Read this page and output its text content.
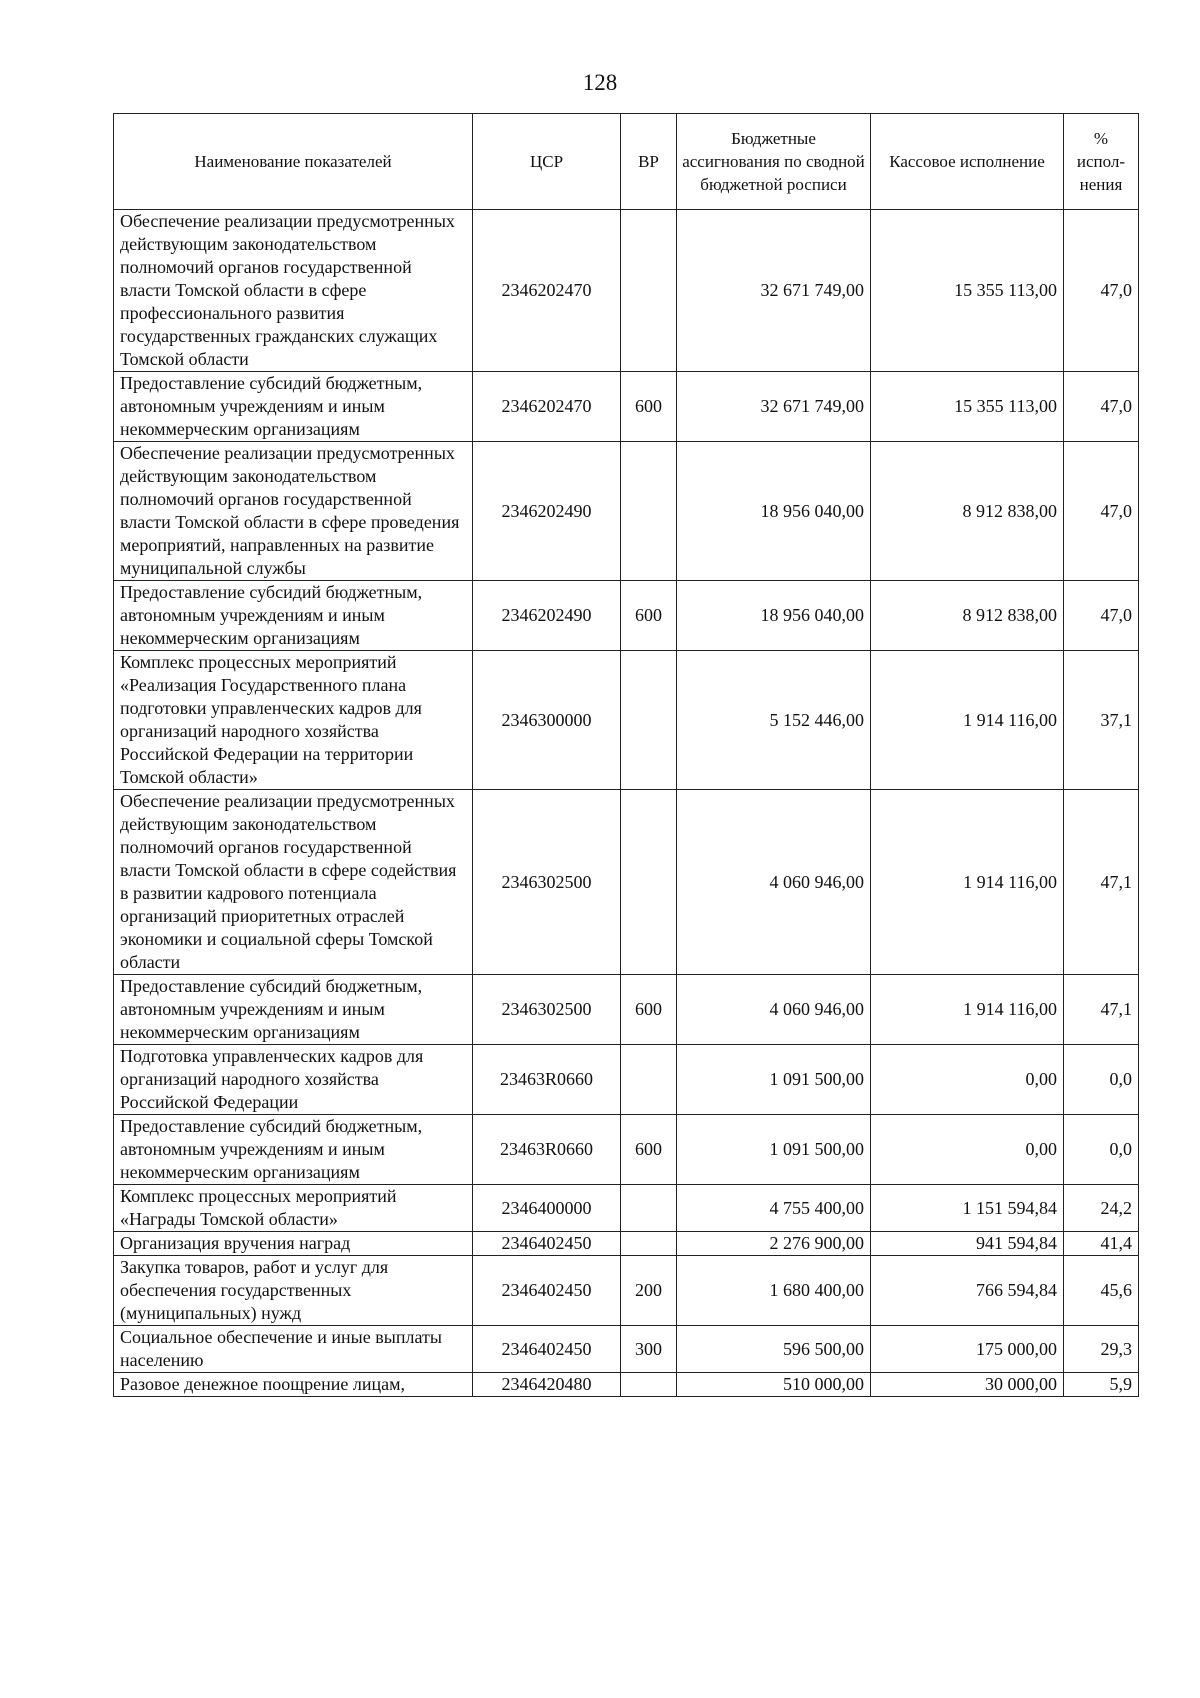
128
Наименование показателей	ЦСР	ВР	Бюджетные ассигнования по сводной бюджетной росписи	Кассовое исполнение	% испол-нения
Обеспечение реализации предусмотренных действующим законодательством полномочий органов государственной власти Томской области в сфере профессионального развития государственных гражданских служащих Томской области	2346202470		32 671 749,00	15 355 113,00	47,0
Предоставление субсидий бюджетным, автономным учреждениям и иным некоммерческим организациям	2346202470	600	32 671 749,00	15 355 113,00	47,0
Обеспечение реализации предусмотренных действующим законодательством полномочий органов государственной власти Томской области в сфере проведения мероприятий, направленных на развитие муниципальной службы	2346202490		18 956 040,00	8 912 838,00	47,0
Предоставление субсидий бюджетным, автономным учреждениям и иным некоммерческим организациям	2346202490	600	18 956 040,00	8 912 838,00	47,0
Комплекс процессных мероприятий «Реализация Государственного плана подготовки управленческих кадров для организаций народного хозяйства Российской Федерации на территории Томской области»	2346300000		5 152 446,00	1 914 116,00	37,1
Обеспечение реализации предусмотренных действующим законодательством полномочий органов государственной власти Томской области в сфере содействия в развитии кадрового потенциала организаций приоритетных отраслей экономики и социальной сферы Томской области	2346302500		4 060 946,00	1 914 116,00	47,1
Предоставление субсидий бюджетным, автономным учреждениям и иным некоммерческим организациям	2346302500	600	4 060 946,00	1 914 116,00	47,1
Подготовка управленческих кадров для организаций народного хозяйства Российской Федерации	23463R0660		1 091 500,00	0,00	0,0
Предоставление субсидий бюджетным, автономным учреждениям и иным некоммерческим организациям	23463R0660	600	1 091 500,00	0,00	0,0
Комплекс процессных мероприятий «Награды Томской области»	2346400000		4 755 400,00	1 151 594,84	24,2
Организация вручения наград	2346402450		2 276 900,00	941 594,84	41,4
Закупка товаров, работ и услуг для обеспечения государственных (муниципальных) нужд	2346402450	200	1 680 400,00	766 594,84	45,6
Социальное обеспечение и иные выплаты населению	2346402450	300	596 500,00	175 000,00	29,3
Разовое денежное поощрение лицам,	2346420480		510 000,00	30 000,00	5,9
